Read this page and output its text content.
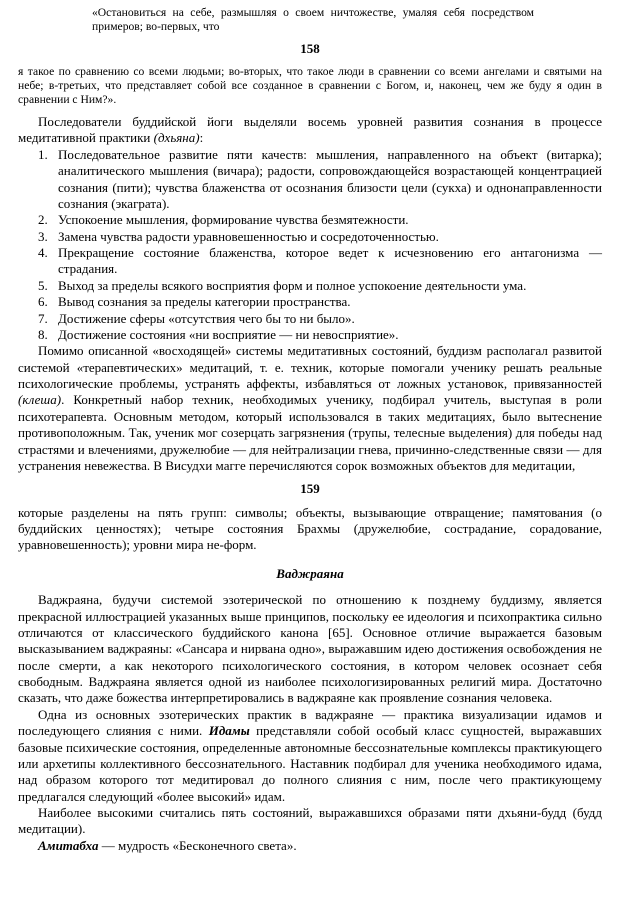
«Остановиться на себе, размышляя о своем ничтожестве, умаляя себя посредством примеров; во-первых, что
158
я такое по сравнению со всеми людьми; во-вторых, что такое люди в сравнении со всеми ангелами и святыми на небе; в-третьих, что представляет собой все созданное в сравнении с Богом, и, наконец, чем же буду я один в сравнении с Ним?».

Последователи буддийской йоги выделяли восемь уровней развития сознания в процессе медитативной практики (дхьяна):

1. Последовательное развитие пяти качеств: мышления, направленного на объект (витарка); аналитического мышления (вичара); радости, сопровождающейся возрастающей концентрацией сознания (пити); чувства блаженства от осознания близости цели (сукха) и однонаправленности сознания (экаграта).
2. Успокоение мышления, формирование чувства безмятежности.
3. Замена чувства радости уравновешенностью и сосредоточенностью.
4. Прекращение состояние блаженства, которое ведет к исчезновению его антагонизма — страдания.
5. Выход за пределы всякого восприятия форм и полное успокоение деятельности ума.
6. Вывод сознания за пределы категории пространства.
7. Достижение сферы «отсутствия чего бы то ни было».
8. Достижение состояния «ни восприятие — ни невосприятие».

Помимо описанной «восходящей» системы медитативных состояний, буддизм располагал развитой системой «терапевтических» медитаций, т. е. техник, которые помогали ученику решать реальные психологические проблемы, устранять аффекты, избавляться от ложных установок, привязанностей (клеша). Конкретный набор техник, необходимых ученику, подбирал учитель, выступая в роли психотерапевта. Основным методом, который использовался в таких медитациях, было вытеснение противоположным. Так, ученик мог созерцать загрязнения (трупы, телесные выделения) для победы над страстями и влечениями, дружелюбие — для нейтрализации гнева, причинно-следственные связи — для устранения невежества. В Висудхи магге перечисляются сорок возможных объектов для медитации,

159

которые разделены на пять групп: символы; объекты, вызывающие отвращение; памятования (о буддийских ценностях); четыре состояния Брахмы (дружелюбие, сострадание, сорадование, уравновешенность); уровни мира не-форм.

Ваджраяна

Ваджраяна, будучи системой эзотерической по отношению к позднему буддизму, является прекрасной иллюстрацией указанных выше принципов, поскольку ее идеология и психопрактика сильно отличаются от классического буддийского канона [65]. Основное отличие выражается базовым высказыванием ваджраяны: «Сансара и нирвана одно», выражавшим идею достижения освобождения не после смерти, а как некоторого психологического состояния, в котором человек осознает себя свободным. Ваджраяна является одной из наиболее психологизированных религий мира. Достаточно сказать, что даже божества интерпретировались в ваджраяне как проявление сознания человека.

Одна из основных эзотерических практик в ваджраяне — практика визуализации идамов и последующего слияния с ними. Идамы представляли собой особый класс сущностей, выражавших базовые психические состояния, определенные автономные бессознательные комплексы практикующего или архетипы коллективного бессознательного. Наставник подбирал для ученика необходимого идама, над образом которого тот медитировал до полного слияния с ним, после чего практикующему предлагался следующий «более высокий» идам.

Наиболее высокими считались пять состояний, выражавшихся образами пяти дхьяни-будд (будд медитации).

Амитабха — мудрость «Бесконечного света».
